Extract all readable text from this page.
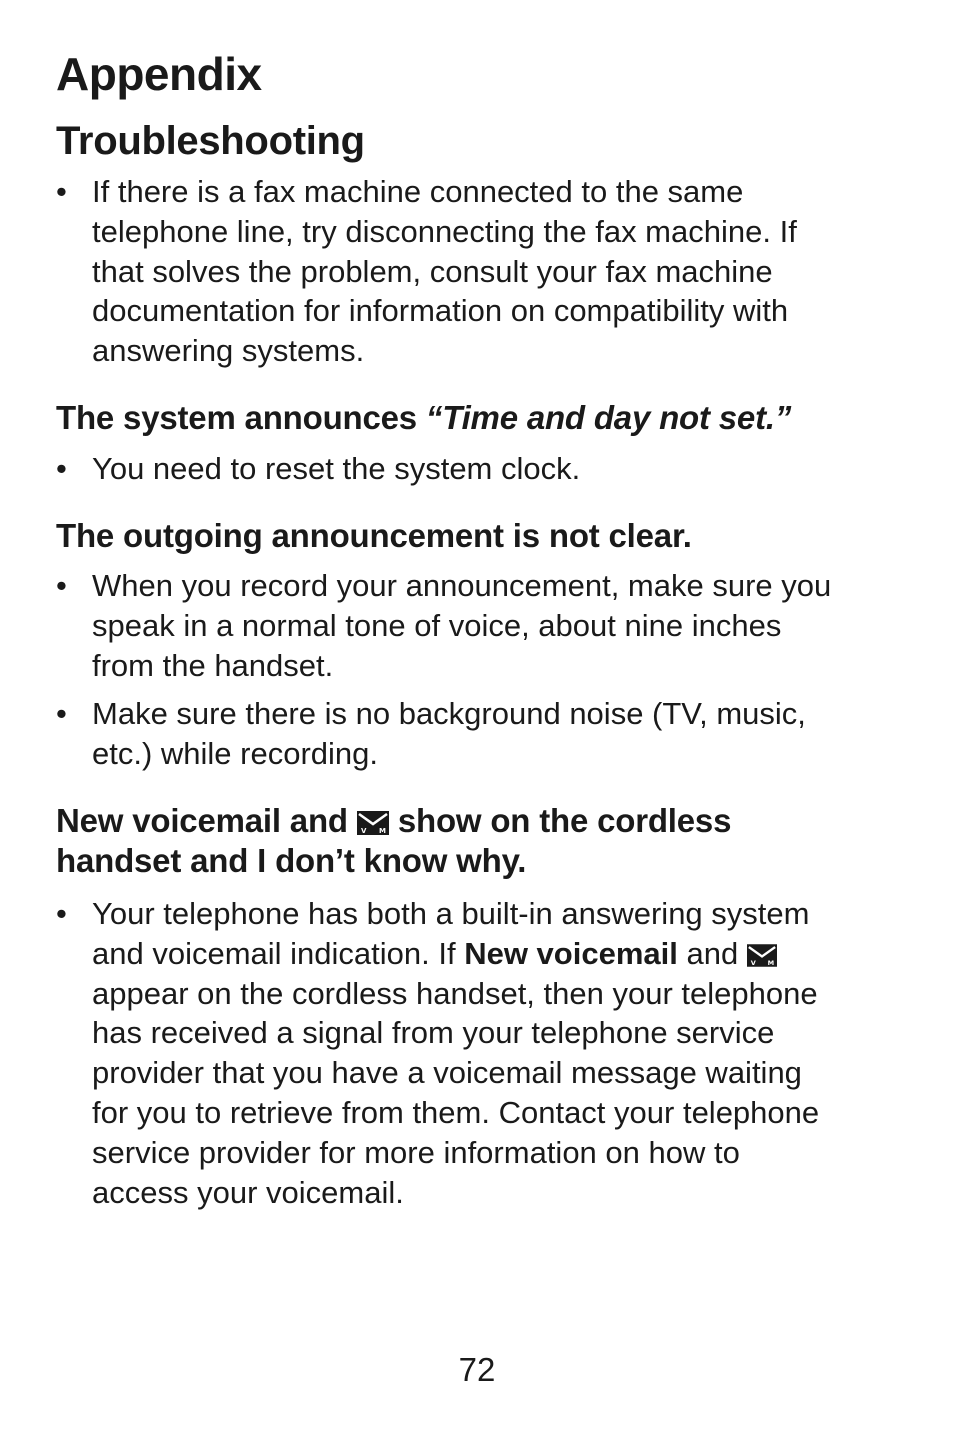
Appendix
Troubleshooting
• If there is a fax machine connected to the same
telephone line, try disconnecting the fax machine. If
that solves the problem, consult your fax machine
documentation for information on compatibility with
answering systems.
The system announces “Time and day not set.”
• You need to reset the system clock.
The outgoing announcement is not clear.
• When you record your announcement, make sure you
speak in a normal tone of voice, about nine inches
from the handset.
• Make sure there is no background noise (TV, music,
etc.) while recording.
New voicemail and V M show on the cordless
handset and I don’t know why.
• Your telephone has both a built-in answering system
and voicemail indication. If New voicemail and V M
appear on the cordless handset, then your telephone
has received a signal from your telephone service
provider that you have a voicemail message waiting
for you to retrieve from them. Contact your telephone
service provider for more information on how to
access your voicemail.
72
